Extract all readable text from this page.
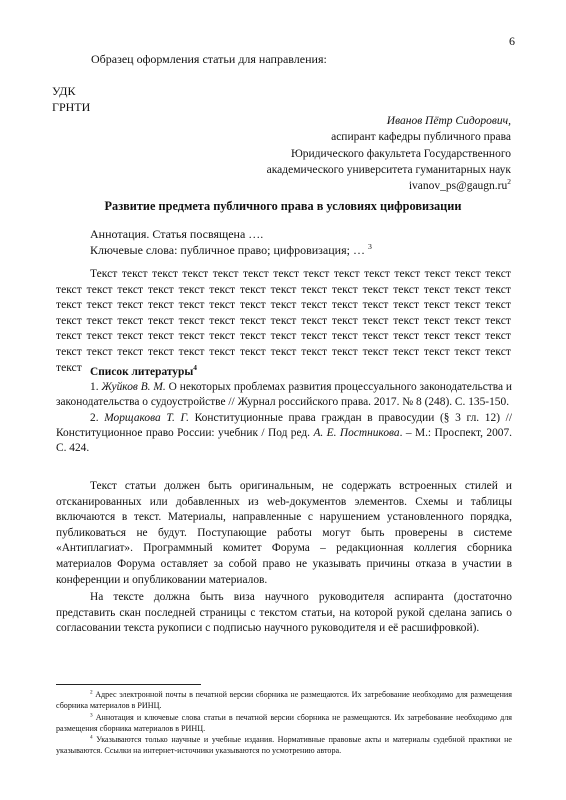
6
Образец оформления статьи для направления:
УДК
ГРНТИ
Иванов Пётр Сидорович,
аспирант кафедры публичного права
Юридического факультета Государственного
академического университета гуманитарных наук
$ivanov\_ps@gaugn.ru^2$
Развитие предмета публичного права в условиях цифровизации
Аннотация. Статья посвящена ….
Ключевые слова: публичное право; цифровизация; … $^3$
Текст текст текст текст текст текст текст текст текст текст текст текст текст текст текст текст текст текст текст текст текст текст текст текст текст текст текст текст текст текст текст текст текст текст текст текст текст текст текст текст текст текст текст текст текст текст текст текст текст текст текст текст текст текст текст текст текст текст текст текст текст текст текст текст текст текст текст текст текст текст текст текст текст текст текст текст текст текст текст текст текст текст текст текст текст текст текст текст текст текст Список литературы$^4$

1. Жуйков В. М. О некоторых проблемах развития процессуального законодательства и законодательства о судоустройстве // Журнал российского права. 2017. № 8 (248). С. 135-150.

2. Морщакова Т. Г. Конституционные права граждан в правосудии (§ 3 гл. 12) // Конституционное право России: учебник / Под ред. А. Е. Постникова. – М.: Проспект, 2007. С. 424.

Текст статьи должен быть оригинальным, не содержать встроенных стилей и отсканированных или добавленных из web-документов элементов. Схемы и таблицы включаются в текст. Материалы, направленные с нарушением установленного порядка, публиковаться не будут. Поступающие работы могут быть проверены в системе «Антиплагиат». Программный комитет Форума – редакционная коллегия сборника материалов Форума оставляет за собой право не указывать причины отказа в участии в конференции и опубликовании материалов.

На тексте должна быть виза научного руководителя аспиранта (достаточно представить скан последней страницы с текстом статьи, на которой рукой сделана запись о согласовании текста рукописи с подписью научного руководителя и её расшифровкой).

$^2$ Адрес электронной почты в печатной версии сборника не размещаются. Их затребование необходимо для размещения сборника материалов в РИНЦ.

$^3$ Аннотация и ключевые слова статьи в печатной версии сборника не размещаются. Их затребование необходимо для размещения сборника материалов в РИНЦ.

$^4$ Указываются только научные и учебные издания. Нормативные правовые акты и материалы судебной практики не указываются. Ссылки на интернет-источники указываются по усмотрению автора.
